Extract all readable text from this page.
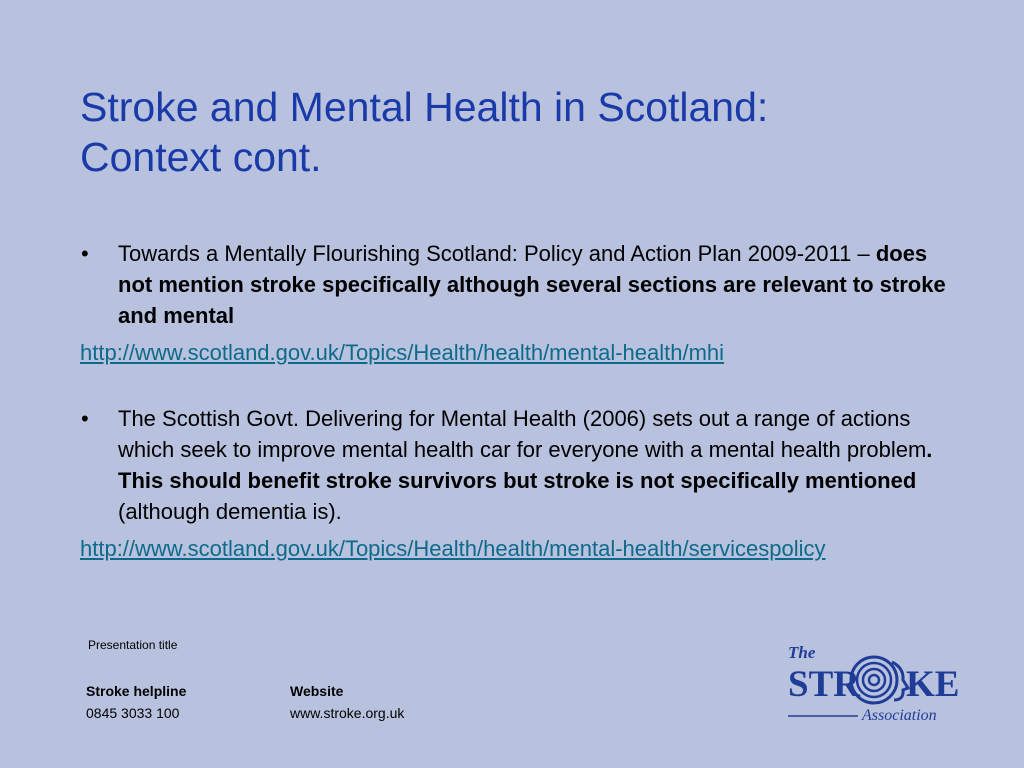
Stroke and Mental Health in Scotland:
Context cont.

• Towards a Mentally Flourishing Scotland: Policy and Action Plan 2009-2011 – does not mention stroke specifically although several sections are relevant to stroke and mental

http://www.scotland.gov.uk/Topics/Health/health/mental-health/mhi

• The Scottish Govt. Delivering for Mental Health (2006) sets out a range of actions which seek to improve mental health car for everyone with a mental health problem. This should benefit stroke survivors but stroke is not specifically mentioned (although dementia is).

http://www.scotland.gov.uk/Topics/Health/health/mental-health/servicespolicy
Presentation title
Stroke helpline
0845 3033 100
Website
www.stroke.org.uk
The
STR KE
Association
